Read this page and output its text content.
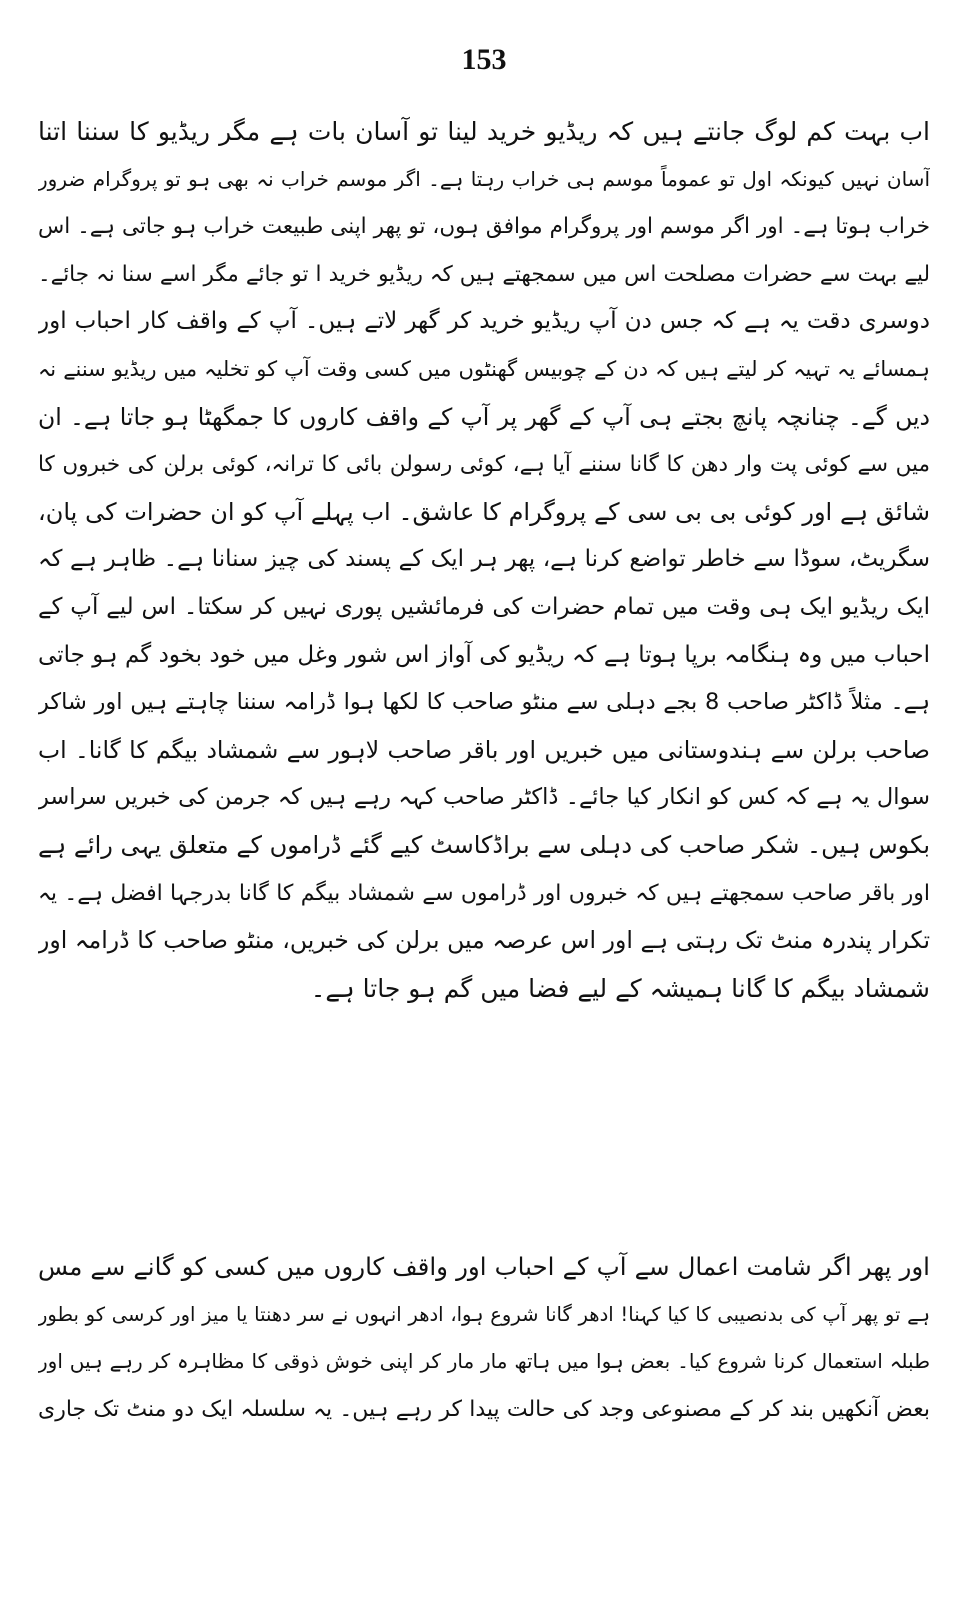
153
اب بہت کم لوگ جانتے ہیں کہ ریڈیو خرید لینا تو آسان بات ہے مگر ریڈیو کا سننا اتنا
آسان نہیں کیونکہ اول تو عموماً موسم ہی خراب رہتا ہے۔ اگر موسم خراب نہ بھی ہو تو پروگرام ضرور
خراب ہوتا ہے۔ اور اگر موسم اور پروگرام موافق ہوں، تو پھر اپنی طبیعت خراب ہو جاتی ہے۔ اس
لیے بہت سے حضرات مصلحت اس میں سمجھتے ہیں کہ ریڈیو خرید ا تو جائے مگر اسے سنا نہ جائے۔
دوسری دقت یہ ہے کہ جس دن آپ ریڈیو خرید کر گھر لاتے ہیں۔ آپ کے واقف کار احباب اور
ہمسائے یہ تہیہ کر لیتے ہیں کہ دن کے چوبیس گھنٹوں میں کسی وقت آپ کو تخلیہ میں ریڈیو سننے نہ
دیں گے۔ چنانچہ پانچ بجتے ہی آپ کے گھر پر آپ کے واقف کاروں کا جمگھٹا ہو جاتا ہے۔ ان
میں سے کوئی پت وار دھن کا گانا سننے آیا ہے، کوئی رسولن بائی کا ترانہ، کوئی برلن کی خبروں کا
شائق ہے اور کوئی بی بی سی کے پروگرام کا عاشق۔ اب پہلے آپ کو ان حضرات کی پان،
سگریٹ، سوڈا سے خاطر تواضع کرنا ہے، پھر ہر ایک کے پسند کی چیز سنانا ہے۔ ظاہر ہے کہ
ایک ریڈیو ایک ہی وقت میں تمام حضرات کی فرمائشیں پوری نہیں کر سکتا۔ اس لیے آپ کے
احباب میں وہ ہنگامہ برپا ہوتا ہے کہ ریڈیو کی آواز اس شور وغل میں خود بخود گم ہو جاتی
ہے۔ مثلاً ڈاکٹر صاحب 8 بجے دہلی سے منٹو صاحب کا لکھا ہوا ڈرامہ سننا چاہتے ہیں اور شاکر
صاحب برلن سے ہندوستانی میں خبریں اور باقر صاحب لاہور سے شمشاد بیگم کا گانا۔ اب
سوال یہ ہے کہ کس کو انکار کیا جائے۔ ڈاکٹر صاحب کہہ رہے ہیں کہ جرمن کی خبریں سراسر
بکوس ہیں۔ شکر صاحب کی دہلی سے براڈکاسٹ کیے گئے ڈراموں کے متعلق یہی رائے ہے
اور باقر صاحب سمجھتے ہیں کہ خبروں اور ڈراموں سے شمشاد بیگم کا گانا بدرجہا افضل ہے۔ یہ
تکرار پندرہ منٹ تک رہتی ہے اور اس عرصہ میں برلن کی خبریں، منٹو صاحب کا ڈرامہ اور
شمشاد بیگم کا گانا ہمیشہ کے لیے فضا میں گم ہو جاتا ہے۔
اور پھر اگر شامت اعمال سے آپ کے احباب اور واقف کاروں میں کسی کو گانے سے مس
ہے تو پھر آپ کی بدنصیبی کا کیا کہنا! ادھر گانا شروع ہوا، ادھر انہوں نے سر دھنتا یا میز اور کرسی کو بطور
طبلہ استعمال کرنا شروع کیا۔ بعض ہوا میں ہاتھ مار مار کر اپنی خوش ذوقی کا مظاہرہ کر رہے ہیں اور
بعض آنکھیں بند کر کے مصنوعی وجد کی حالت پیدا کر رہے ہیں۔ یہ سلسلہ ایک دو منٹ تک جاری
